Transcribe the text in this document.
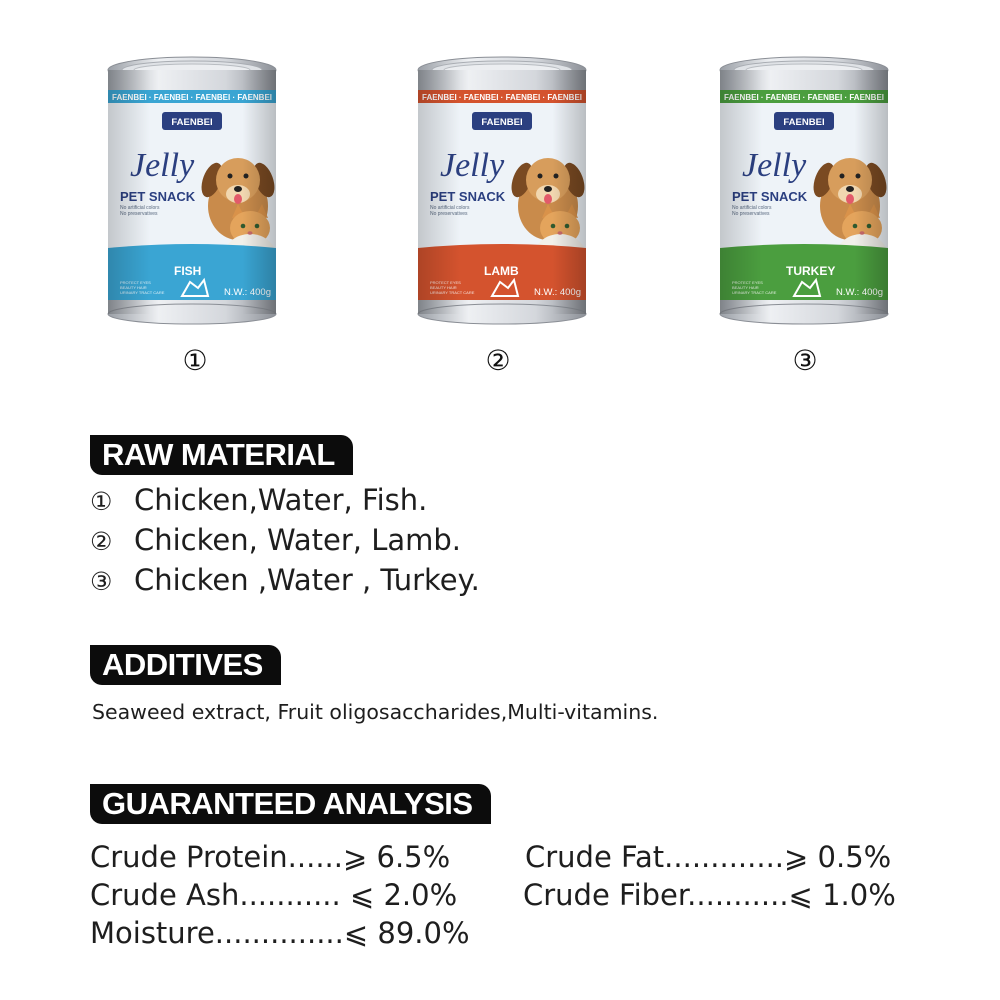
①	②	③
RAW MATERIAL
① Chicken,Water, Fish.
② Chicken, Water, Lamb.
③ Chicken ,Water , Turkey.
ADDITIVES
Seaweed extract, Fruit oligosaccharides,Multi-vitamins.
GUARANTEED ANALYSIS
Crude Protein......⩾ 6.5%	Crude Fat.............⩾ 0.5%
Crude Ash........... ⩽ 2.0% Crude Fiber...........⩽ 1.0%
Moisture..............⩽ 89.0%
